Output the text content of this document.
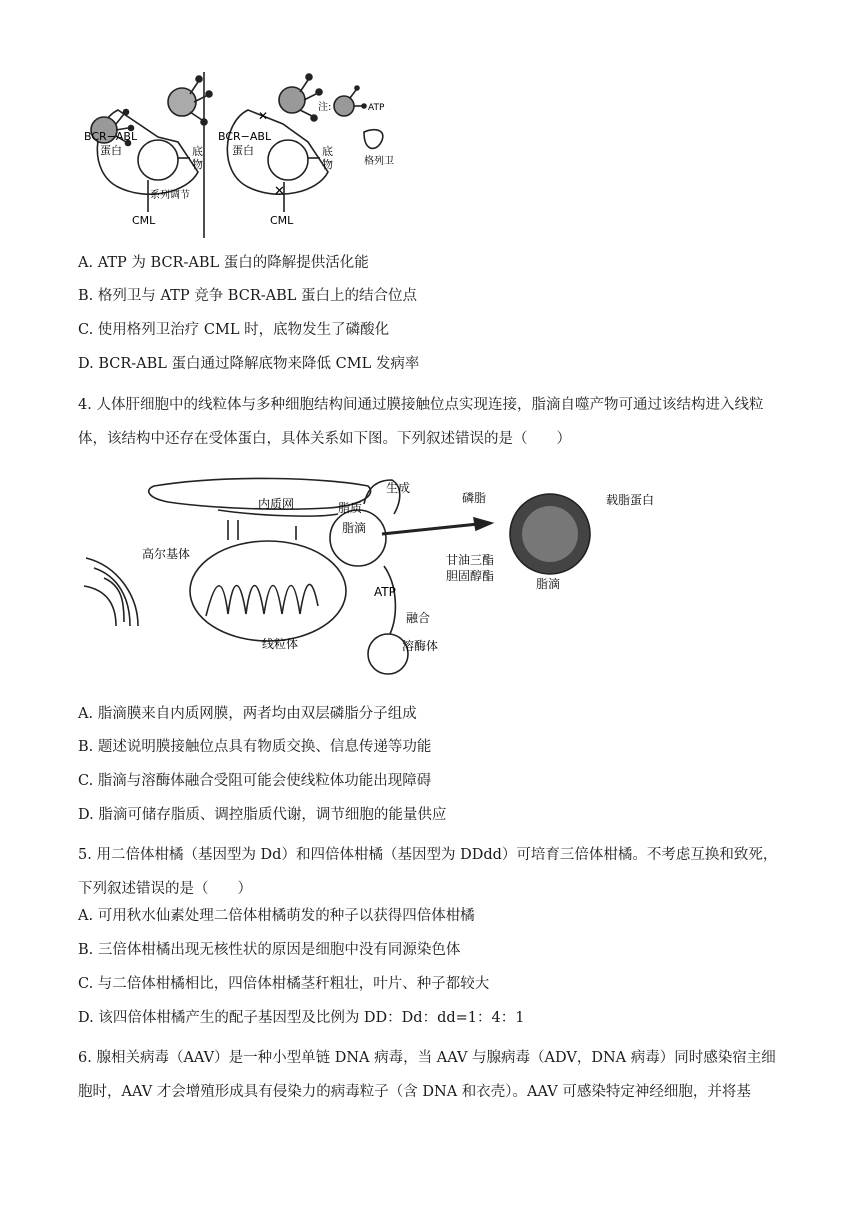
BCR−ABL
蛋白	底
物
系列调节
CML
BCR−ABL
蛋白	底
物
CML
✕
✕
注:	ATP
格列卫
A. ATP 为 BCR-ABL 蛋白的降解提供活化能
B. 格列卫与 ATP 竞争 BCR-ABL 蛋白上的结合位点
C. 使用格列卫治疗 CML 时，底物发生了磷酸化
D. BCR-ABL 蛋白通过降解底物来降低 CML 发病率
4. 人体肝细胞中的线粒体与多种细胞结构间通过膜接触位点实现连接，脂滴自噬产物可通过该结构进入线粒体，该结构中还存在受体蛋白，具体关系如下图。下列叙述错误的是（　　）
内质网	脂质
生成
脂滴
高尔基体
ATP
融合
线粒体	溶酶体
磷脂	载脂蛋白
甘油三酯
胆固醇酯
脂滴
A. 脂滴膜来自内质网膜，两者均由双层磷脂分子组成
B. 题述说明膜接触位点具有物质交换、信息传递等功能
C. 脂滴与溶酶体融合受阻可能会使线粒体功能出现障碍
D. 脂滴可储存脂质、调控脂质代谢，调节细胞的能量供应
5. 用二倍体柑橘（基因型为 Dd）和四倍体柑橘（基因型为 DDdd）可培育三倍体柑橘。不考虑互换和致死，下列叙述错误的是（　　）
A. 可用秋水仙素处理二倍体柑橘萌发的种子以获得四倍体柑橘
B. 三倍体柑橘出现无核性状的原因是细胞中没有同源染色体
C. 与二倍体柑橘相比，四倍体柑橘茎秆粗壮，叶片、种子都较大
D. 该四倍体柑橘产生的配子基因型及比例为 DD：Dd：dd=1：4：1
6. 腺相关病毒（AAV）是一种小型单链 DNA 病毒，当 AAV 与腺病毒（ADV，DNA 病毒）同时感染宿主细胞时，AAV 才会增殖形成具有侵染力的病毒粒子（含 DNA 和衣壳）。AAV 可感染特定神经细胞，并将基
